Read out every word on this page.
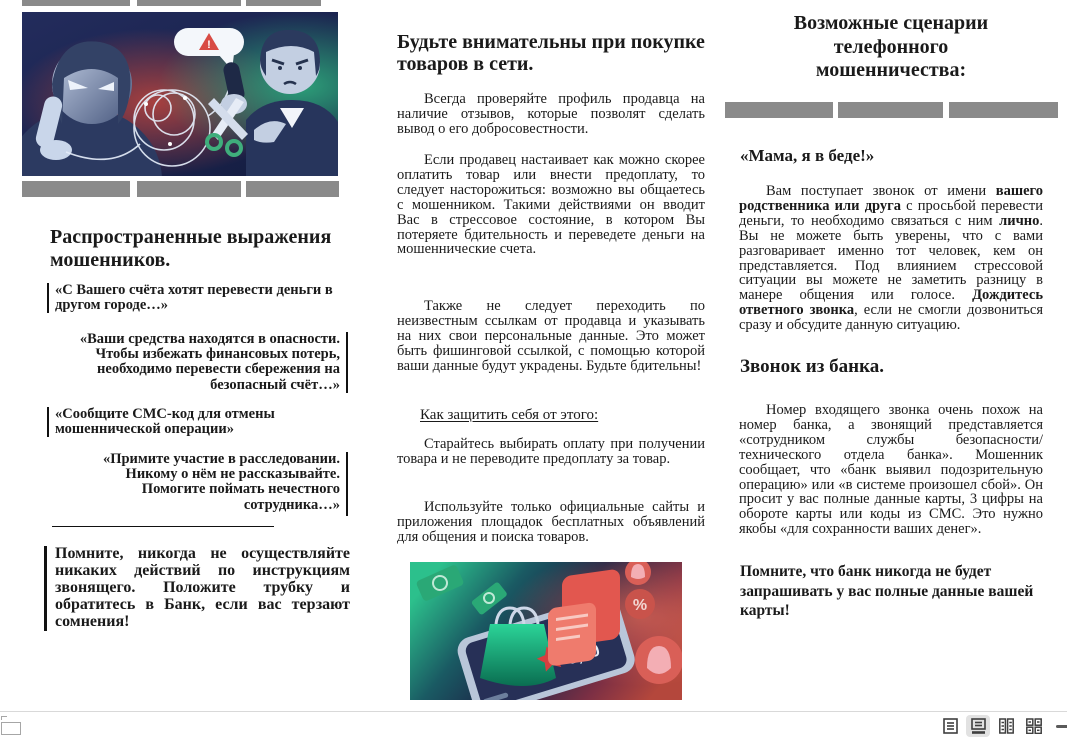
!
Распространенные выражения мошенников.
«С Вашего счёта хотят перевести деньги в другом городе…»
«Ваши средства находятся в опасности. Чтобы избежать финансовых потерь, необходимо перевести сбережения на безопасный счёт…»
«Сообщите СМС-код для отмены мошеннической операции»
«Примите участие в расследовании. Никому о нём не рассказывайте. Помогите поймать нечестного сотрудника…»
Помните, никогда не осуществляйте никаких действий по инструкциям звонящего. Положите трубку и обратитесь в Банк, если вас терзают сомнения!
Будьте внимательны при покупке товаров в сети.
Всегда проверяйте профиль продавца на наличие отзывов, которые позволят сделать вывод о его добросовестности.
Если продавец настаивает как можно скорее оплатить товар или внести предоплату, то следует насторожиться: возможно вы общаетесь с мошенником. Такими действиями он вводит Вас в стрессовое состояние, в котором Вы потеряете бдительность и переведете деньги на мошеннические счета.
Также не следует переходить по неизвестным ссылкам от продавца и указывать на них свои персональные данные. Это может быть фишинговой ссылкой, с помощью которой ваши данные будут украдены. Будьте бдительны!
Как защитить себя от этого:
Старайтесь выбирать оплату при получении товара и не переводите предоплату за товар.
Используйте только официальные сайты и приложения площадок бесплатных объявлений для общения и поиска товаров.
%
Возможные сценарии телефонного мошенничества:
«Мама, я в беде!»
Вам поступает звонок от имени вашего родственника или друга с просьбой перевести деньги, то необходимо связаться с ним лично. Вы не можете быть уверены, что с вами разговаривает именно тот человек, кем он представляется. Под влиянием стрессовой ситуации вы можете не заметить разницу в манере общения или голосе. Дождитесь ответного звонка, если не смогли дозвониться сразу и обсудите данную ситуацию.
Звонок из банка.
Номер входящего звонка очень похож на номер банка, а звонящий представляется «сотрудником службы безопасности/ технического отдела банка». Мошенник сообщает, что «банк выявил подозрительную операцию» или «в системе произошел сбой». Он просит у вас полные данные карты, 3 цифры на обороте карты или коды из СМС. Это нужно якобы «для сохранности ваших денег».
Помните, что банк никогда не будет запрашивать у вас полные данные вашей карты!
